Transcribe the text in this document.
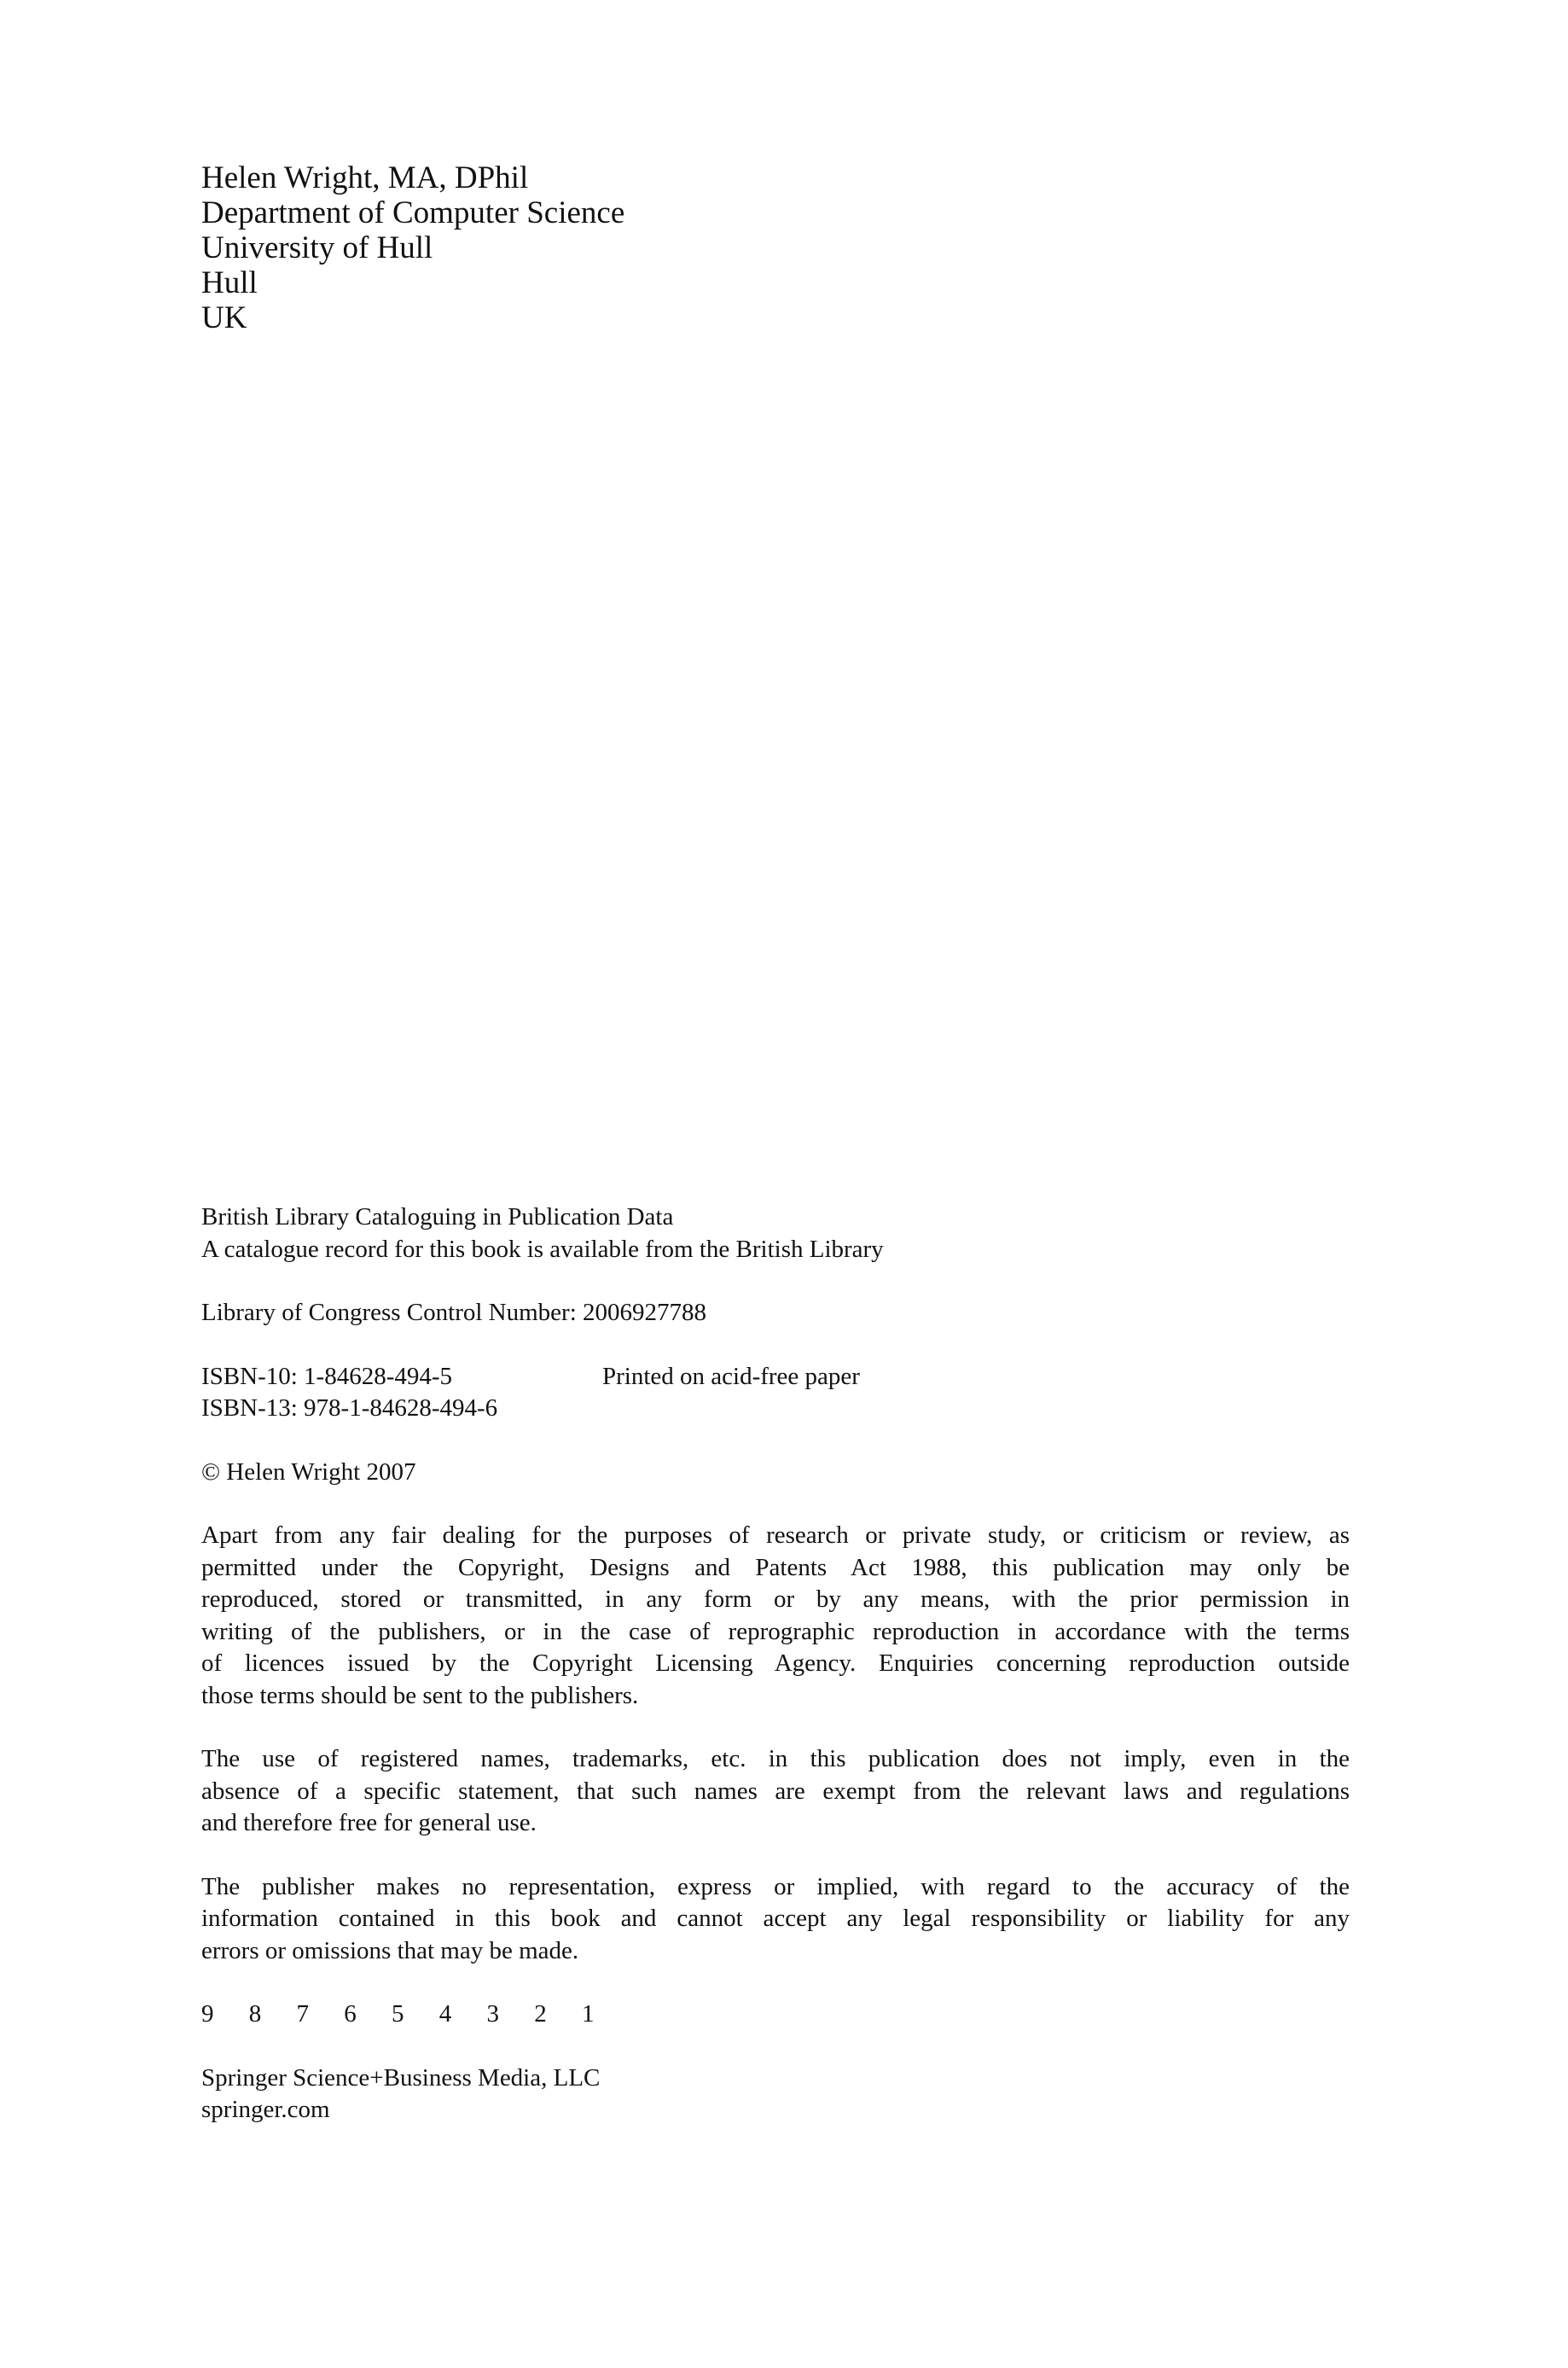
Helen Wright, MA, DPhil
Department of Computer Science
University of Hull
Hull
UK
British Library Cataloguing in Publication Data
A catalogue record for this book is available from the British Library
Library of Congress Control Number: 2006927788
ISBN-10: 1-84628-494-5	Printed on acid-free paper
ISBN-13: 978-1-84628-494-6
© Helen Wright 2007
Apart from any fair dealing for the purposes of research or private study, or criticism or review, as
permitted under the Copyright, Designs and Patents Act 1988, this publication may only be
reproduced, stored or transmitted, in any form or by any means, with the prior permission in
writing of the publishers, or in the case of reprographic reproduction in accordance with the terms
of licences issued by the Copyright Licensing Agency. Enquiries concerning reproduction outside
those terms should be sent to the publishers.
The use of registered names, trademarks, etc. in this publication does not imply, even in the
absence of a specific statement, that such names are exempt from the relevant laws and regulations
and therefore free for general use.
The publisher makes no representation, express or implied, with regard to the accuracy of the
information contained in this book and cannot accept any legal responsibility or liability for any
errors or omissions that may be made.
9 8 7 6 5 4 3 2 1
Springer Science+Business Media, LLC
springer.com
